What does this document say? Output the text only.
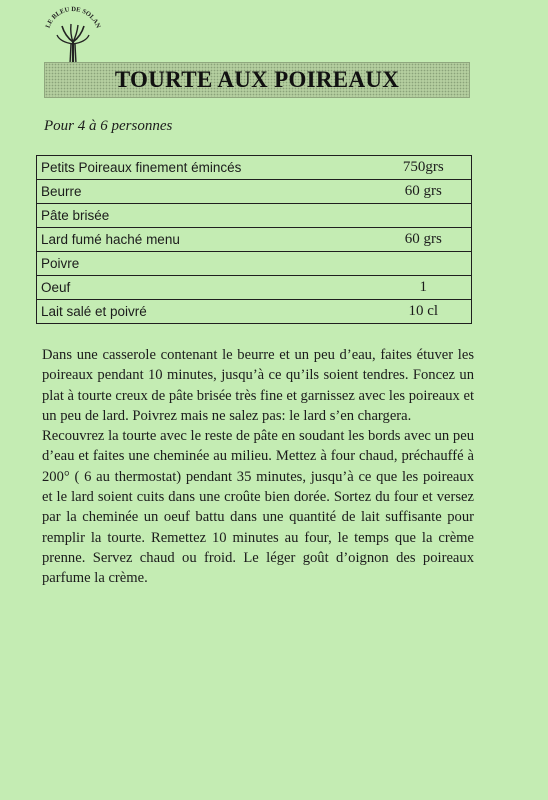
LE BLEU DE SOLAN
TOURTE AUX POIREAUX
Pour 4 à 6 personnes
Petits Poireaux finement émincés	750grs
Beurre	60 grs
Pâte brisée	
Lard fumé haché menu	60 grs
Poivre	
Oeuf	1
Lait salé et poivré	10 cl

Dans une casserole contenant le beurre et un peu d’eau, faites étuver les poireaux pendant 10 minutes, jusqu’à ce qu’ils soient tendres. Foncez un plat à tourte creux de pâte brisée très fine et garnissez avec les poireaux et un peu de lard. Poivrez mais ne salez pas: le lard s’en chargera.

Recouvrez la tourte avec le reste de pâte en soudant les bords avec un peu d’eau et faites une cheminée au milieu. Mettez à four chaud, préchauffé à 200° ( 6 au thermostat) pendant 35 minutes, jusqu’à ce que les poireaux et le lard soient cuits dans une croûte bien dorée. Sortez du four et versez par la cheminée un oeuf battu dans une quantité de lait suffisante pour remplir la tourte. Remettez 10 minutes au four, le temps que la crème prenne. Servez chaud ou froid. Le léger goût d’oignon des poireaux parfume la crème.
